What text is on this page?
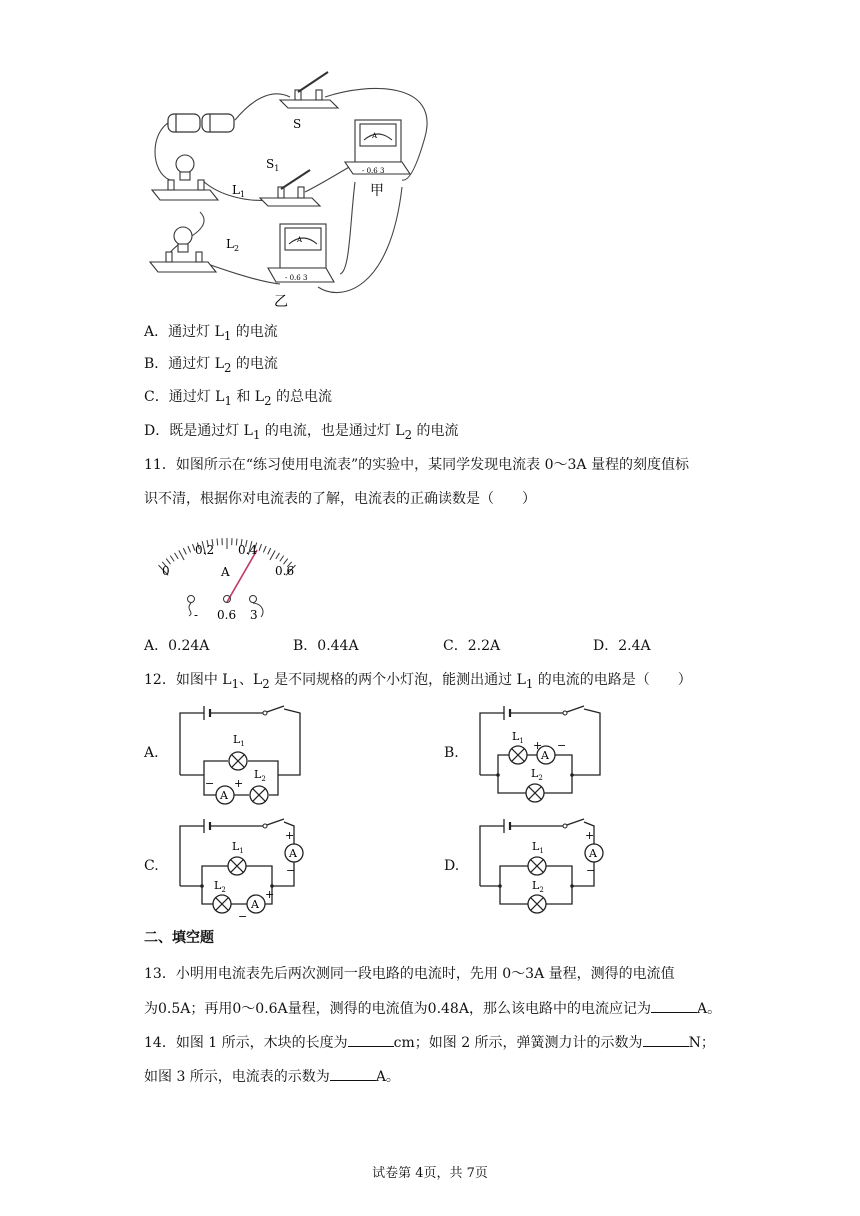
S
$L_1$
$S_1$
A
- 0.6 3
甲
$L_2$
A
- 0.6 3
乙
A．通过灯 $L_1$ 的电流
B．通过灯 $L_2$ 的电流
C．通过灯 $L_1$ 和 $L_2$ 的总电流
D．既是通过灯 $L_1$ 的电流，也是通过灯 $L_2$ 的电流
11．如图所示在“练习使用电流表”的实验中，某同学发现电流表 0～3A 量程的刻度值标
识不清，根据你对电流表的了解，电流表的正确读数是（　　）
0
0.2 0.4
0.6
A
- 0.6 3
A．0.24A	B．0.44A	C．2.2A	D．2.4A
12．如图中 $L_1$、$L_2$ 是不同规格的两个小灯泡，能测出通过 $L_1$ 的电流的电路是（　　）
A.	B.
C.	D.
A
$L_1$
$L_2$
− +
A
$L_1$
$L_2$
+ −
A
A
$L_1$
$L_2$
+
−
+
−
A
$L_1$
$L_2$
+
−
二、填空题
13．小明用电流表先后两次测同一段电路的电流时，先用 0～3A 量程，测得的电流值
为0.5A；再用0～0.6A量程，测得的电流值为0.48A，那么该电路中的电流应记为	A。
14．如图 1 所示，木块的长度为	cm；如图 2 所示，弹簧测力计的示数为	N；
如图 3 所示，电流表的示数为	A。
试卷第 4页，共 7页
